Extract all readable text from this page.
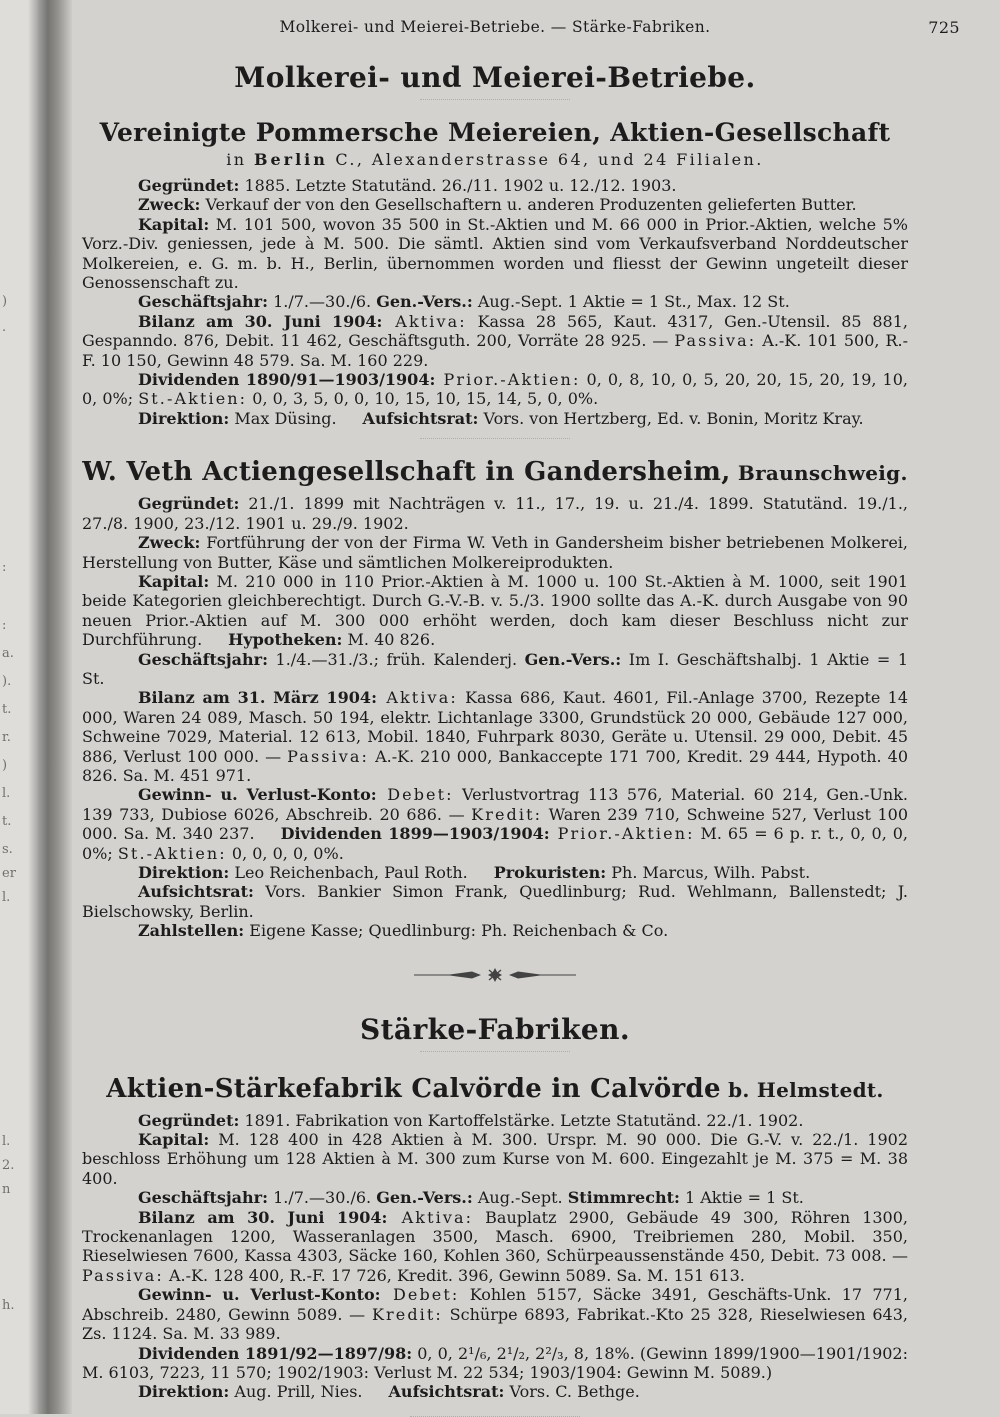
)
.
:
:
a.
).
t.
r.
)
l.
t.
s.
er
l.
l.
2.
n
h.
Molkerei- und Meierei-Betriebe. — Stärke-Fabriken.	725
Molkerei- und Meierei-Betriebe.
Vereinigte Pommersche Meiereien, Aktien-Gesellschaft
in Berlin C., Alexanderstrasse 64, und 24 Filialen.

Gegründet: 1885. Letzte Statutänd. 26./11. 1902 u. 12./12. 1903.

Zweck: Verkauf der von den Gesellschaftern u. anderen Produzenten gelieferten Butter.

Kapital: M. 101 500, wovon 35 500 in St.-Aktien und M. 66 000 in Prior.-Aktien, welche 5% Vorz.-Div. geniessen, jede à M. 500. Die sämtl. Aktien sind vom Verkaufsverband Norddeutscher Molkereien, e. G. m. b. H., Berlin, übernommen worden und fliesst der Gewinn ungeteilt dieser Genossenschaft zu.

Geschäftsjahr: 1./7.—30./6. Gen.-Vers.: Aug.-Sept. 1 Aktie = 1 St., Max. 12 St.

Bilanz am 30. Juni 1904: Aktiva: Kassa 28 565, Kaut. 4317, Gen.-Utensil. 85 881, Gespanndo. 876, Debit. 11 462, Geschäftsguth. 200, Vorräte 28 925. — Passiva: A.-K. 101 500, R.-F. 10 150, Gewinn 48 579. Sa. M. 160 229.

Dividenden 1890/91—1903/1904: Prior.-Aktien: 0, 0, 8, 10, 0, 5, 20, 20, 15, 20, 19, 10, 0, 0%; St.-Aktien: 0, 0, 3, 5, 0, 0, 10, 15, 10, 15, 14, 5, 0, 0%.

Direktion: Max Düsing. Aufsichtsrat: Vors. von Hertzberg, Ed. v. Bonin, Moritz Kray.

W. Veth Actiengesellschaft in Gandersheim, Braunschweig.

Gegründet: 21./1. 1899 mit Nachträgen v. 11., 17., 19. u. 21./4. 1899. Statutänd. 19./1., 27./8. 1900, 23./12. 1901 u. 29./9. 1902.

Zweck: Fortführung der von der Firma W. Veth in Gandersheim bisher betriebenen Molkerei, Herstellung von Butter, Käse und sämtlichen Molkereiprodukten.

Kapital: M. 210 000 in 110 Prior.-Aktien à M. 1000 u. 100 St.-Aktien à M. 1000, seit 1901 beide Kategorien gleichberechtigt. Durch G.-V.-B. v. 5./3. 1900 sollte das A.-K. durch Ausgabe von 90 neuen Prior.-Aktien auf M. 300 000 erhöht werden, doch kam dieser Beschluss nicht zur Durchführung. Hypotheken: M. 40 826.

Geschäftsjahr: 1./4.—31./3.; früh. Kalenderj. Gen.-Vers.: Im I. Geschäftshalbj. 1 Aktie = 1 St.

Bilanz am 31. März 1904: Aktiva: Kassa 686, Kaut. 4601, Fil.-Anlage 3700, Rezepte 14 000, Waren 24 089, Masch. 50 194, elektr. Lichtanlage 3300, Grundstück 20 000, Gebäude 127 000, Schweine 7029, Material. 12 613, Mobil. 1840, Fuhrpark 8030, Geräte u. Utensil. 29 000, Debit. 45 886, Verlust 100 000. — Passiva: A.-K. 210 000, Bankaccepte 171 700, Kredit. 29 444, Hypoth. 40 826. Sa. M. 451 971.

Gewinn- u. Verlust-Konto: Debet: Verlustvortrag 113 576, Material. 60 214, Gen.-Unk. 139 733, Dubiose 6026, Abschreib. 20 686. — Kredit: Waren 239 710, Schweine 527, Verlust 100 000. Sa. M. 340 237. Dividenden 1899—1903/1904: Prior.-Aktien: M. 65 = 6 p. r. t., 0, 0, 0, 0%; St.-Aktien: 0, 0, 0, 0, 0%.

Direktion: Leo Reichenbach, Paul Roth. Prokuristen: Ph. Marcus, Wilh. Pabst.

Aufsichtsrat: Vors. Bankier Simon Frank, Quedlinburg; Rud. Wehlmann, Ballenstedt; J. Bielschowsky, Berlin.

Zahlstellen: Eigene Kasse; Quedlinburg: Ph. Reichenbach & Co.

Stärke-Fabriken.
Aktien-Stärkefabrik Calvörde in Calvörde b. Helmstedt.

Gegründet: 1891. Fabrikation von Kartoffelstärke. Letzte Statutänd. 22./1. 1902.

Kapital: M. 128 400 in 428 Aktien à M. 300. Urspr. M. 90 000. Die G.-V. v. 22./1. 1902 beschloss Erhöhung um 128 Aktien à M. 300 zum Kurse von M. 600. Eingezahlt je M. 375 = M. 38 400.

Geschäftsjahr: 1./7.—30./6. Gen.-Vers.: Aug.-Sept. Stimmrecht: 1 Aktie = 1 St.

Bilanz am 30. Juni 1904: Aktiva: Bauplatz 2900, Gebäude 49 300, Röhren 1300, Trockenanlagen 1200, Wasseranlagen 3500, Masch. 6900, Treibriemen 280, Mobil. 350, Rieselwiesen 7600, Kassa 4303, Säcke 160, Kohlen 360, Schürpeaussenstände 450, Debit. 73 008. — Passiva: A.-K. 128 400, R.-F. 17 726, Kredit. 396, Gewinn 5089. Sa. M. 151 613.

Gewinn- u. Verlust-Konto: Debet: Kohlen 5157, Säcke 3491, Geschäfts-Unk. 17 771, Abschreib. 2480, Gewinn 5089. — Kredit: Schürpe 6893, Fabrikat.-Kto 25 328, Rieselwiesen 643, Zs. 1124. Sa. M. 33 989.

Dividenden 1891/92—1897/98: 0, 0, 2¹/₆, 2¹/₂, 2²/₃, 8, 18%. (Gewinn 1899/1900—1901/1902: M. 6103, 7223, 11 570; 1902/1903: Verlust M. 22 534; 1903/1904: Gewinn M. 5089.)

Direktion: Aug. Prill, Nies. Aufsichtsrat: Vors. C. Bethge.
